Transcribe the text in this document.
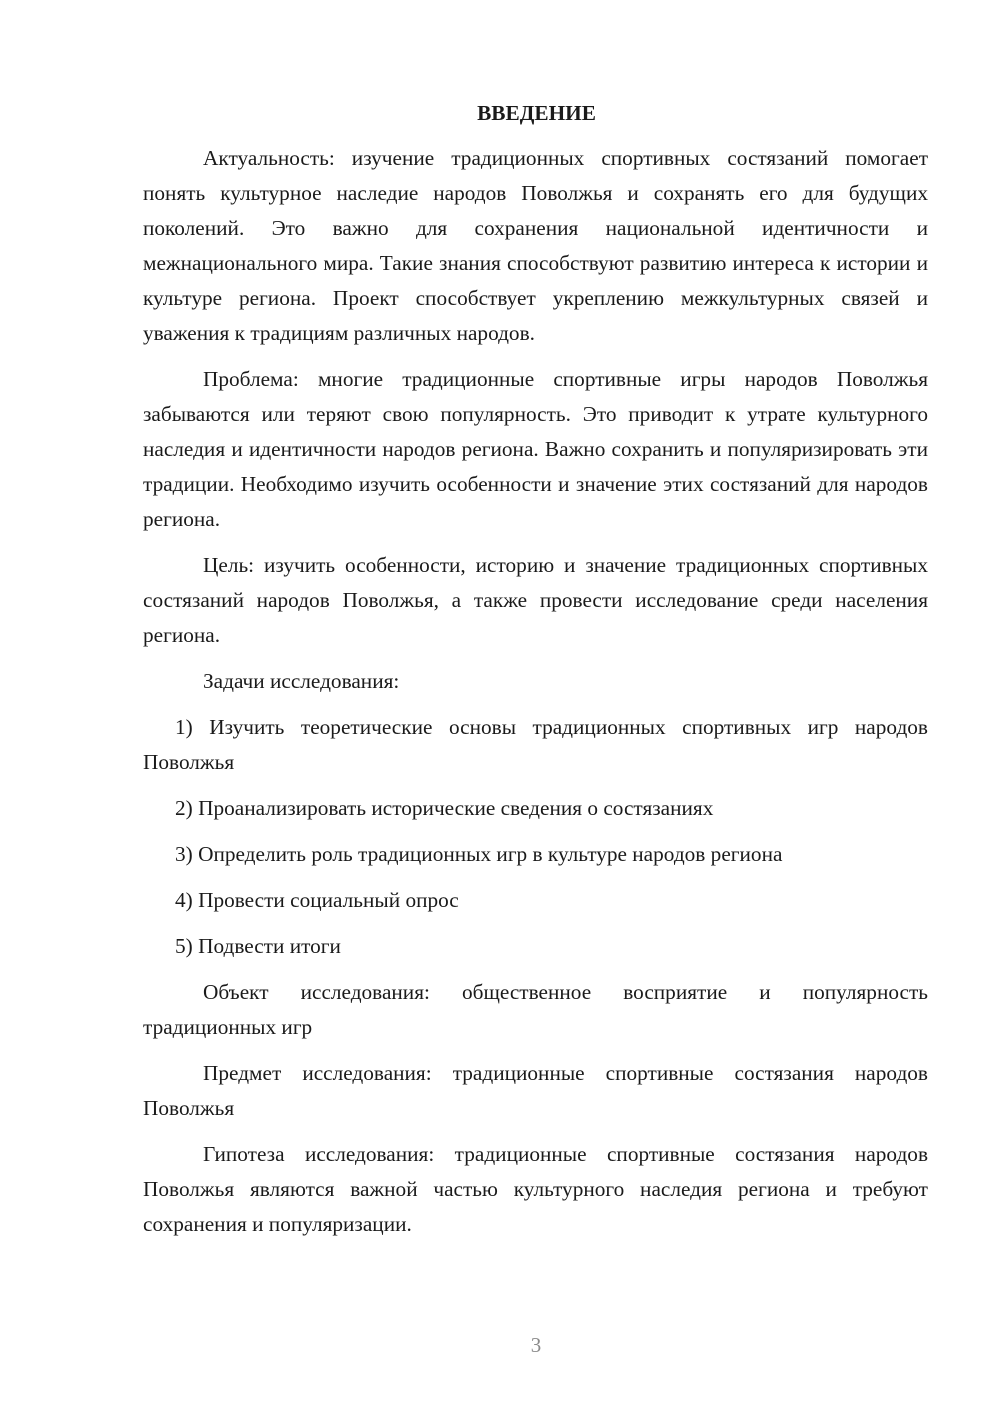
ВВЕДЕНИЕ

Актуальность: изучение традиционных спортивных состязаний помогает понять культурное наследие народов Поволжья и сохранять его для будущих поколений. Это важно для сохранения национальной идентичности и межнационального мира. Такие знания способствуют развитию интереса к истории и культуре региона. Проект способствует укреплению межкультурных связей и уважения к традициям различных народов.

Проблема: многие традиционные спортивные игры народов Поволжья забываются или теряют свою популярность. Это приводит к утрате культурного наследия и идентичности народов региона. Важно сохранить и популяризировать эти традиции. Необходимо изучить особенности и значение этих состязаний для народов региона.

Цель: изучить особенности, историю и значение традиционных спортивных состязаний народов Поволжья, а также провести исследование среди населения региона.

Задачи исследования:

1) Изучить теоретические основы традиционных спортивных игр народов Поволжья

2) Проанализировать исторические сведения о состязаниях

3) Определить роль традиционных игр в культуре народов региона

4) Провести социальный опрос

5) Подвести итоги

Объект исследования: общественное восприятие и популярность традиционных игр

Предмет исследования: традиционные спортивные состязания народов Поволжья

Гипотеза исследования: традиционные спортивные состязания народов Поволжья являются важной частью культурного наследия региона и требуют сохранения и популяризации.

3
